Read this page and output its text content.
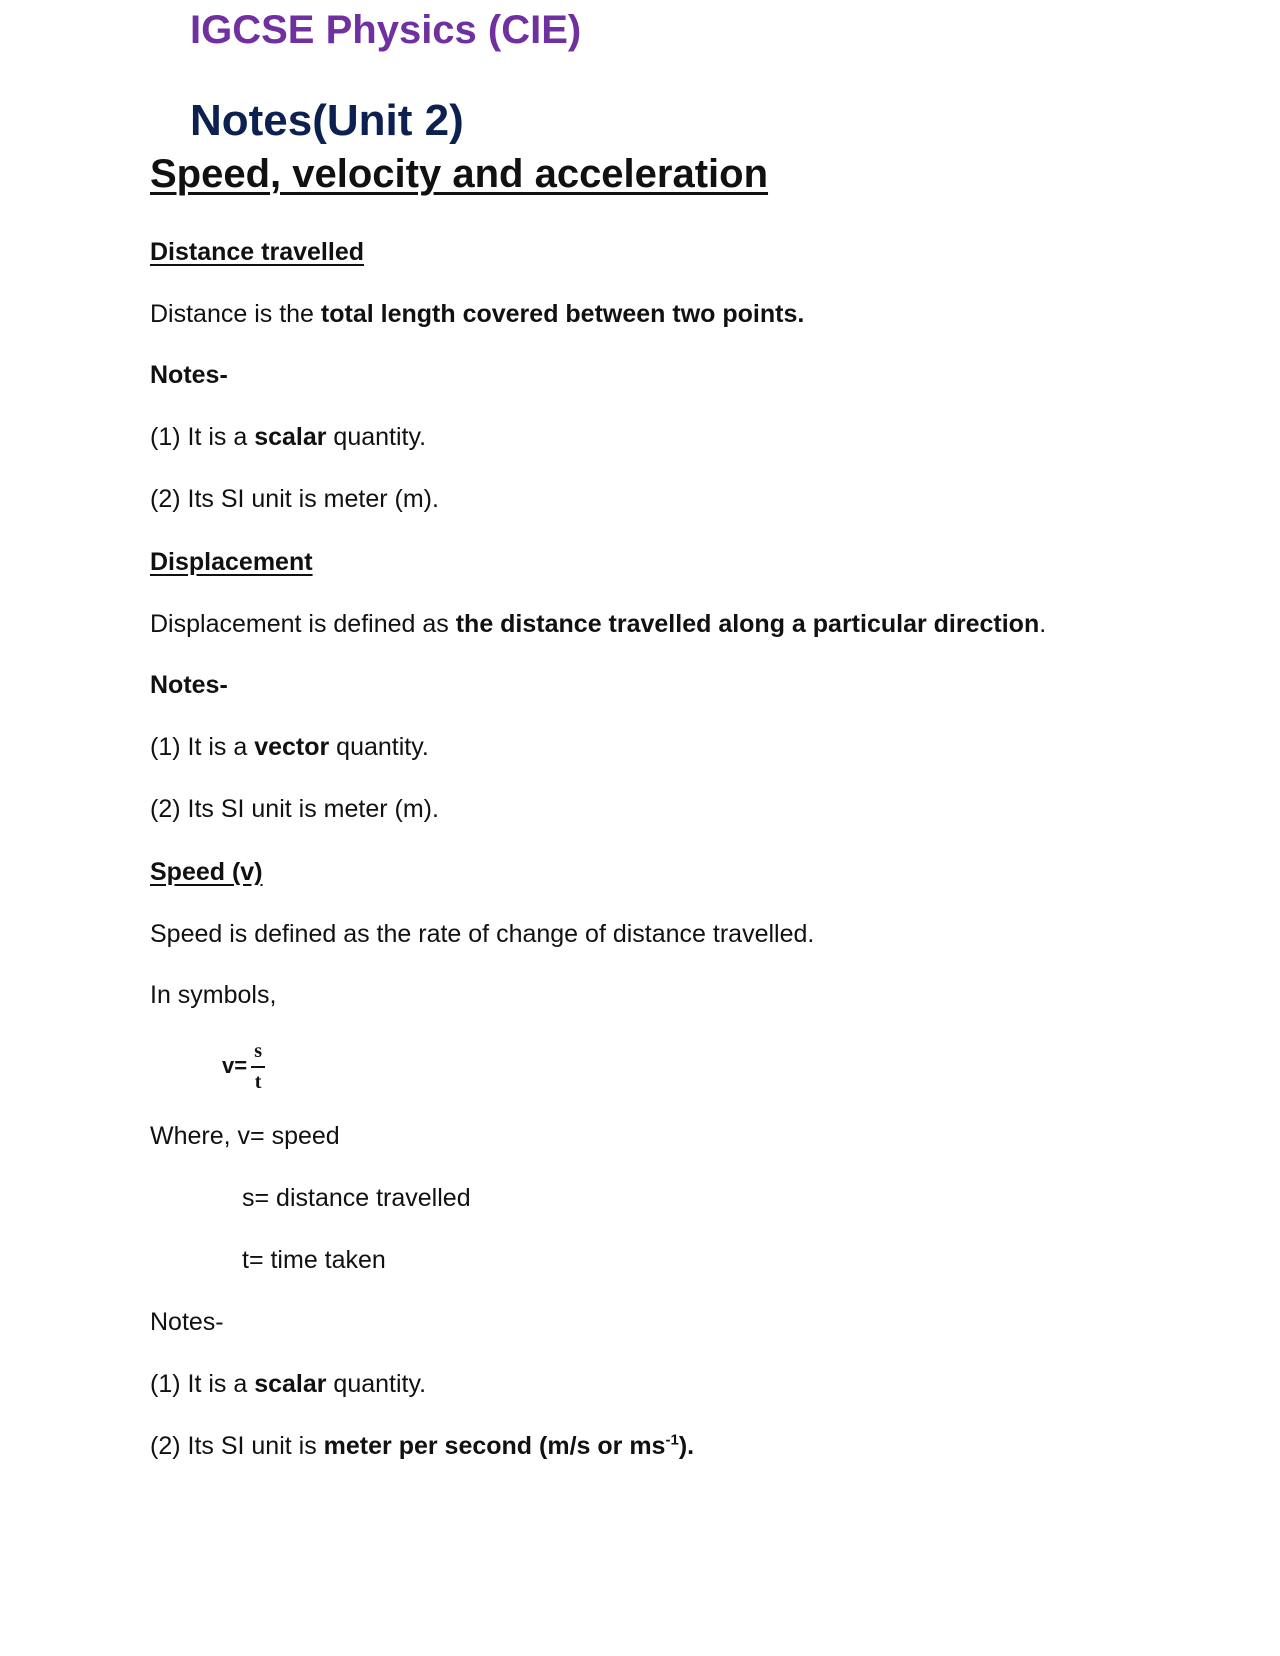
IGCSE Physics (CIE)
Notes(Unit 2)
Speed, velocity and acceleration
Distance travelled
Distance is the total length covered between two points.
Notes-
(1) It is a scalar quantity.
(2) Its SI unit is meter (m).
Displacement
Displacement is defined as the distance travelled along a particular direction.
Notes-
(1) It is a vector quantity.
(2) Its SI unit is meter (m).
Speed (v)
Speed is defined as the rate of change of distance travelled.
In symbols,
$v= \frac{s}{t}$
Where, v= speed
s= distance travelled
t= time taken
Notes-
(1) It is a scalar quantity.
(2) Its SI unit is meter per second (m/s or $ms^{-1}$).
